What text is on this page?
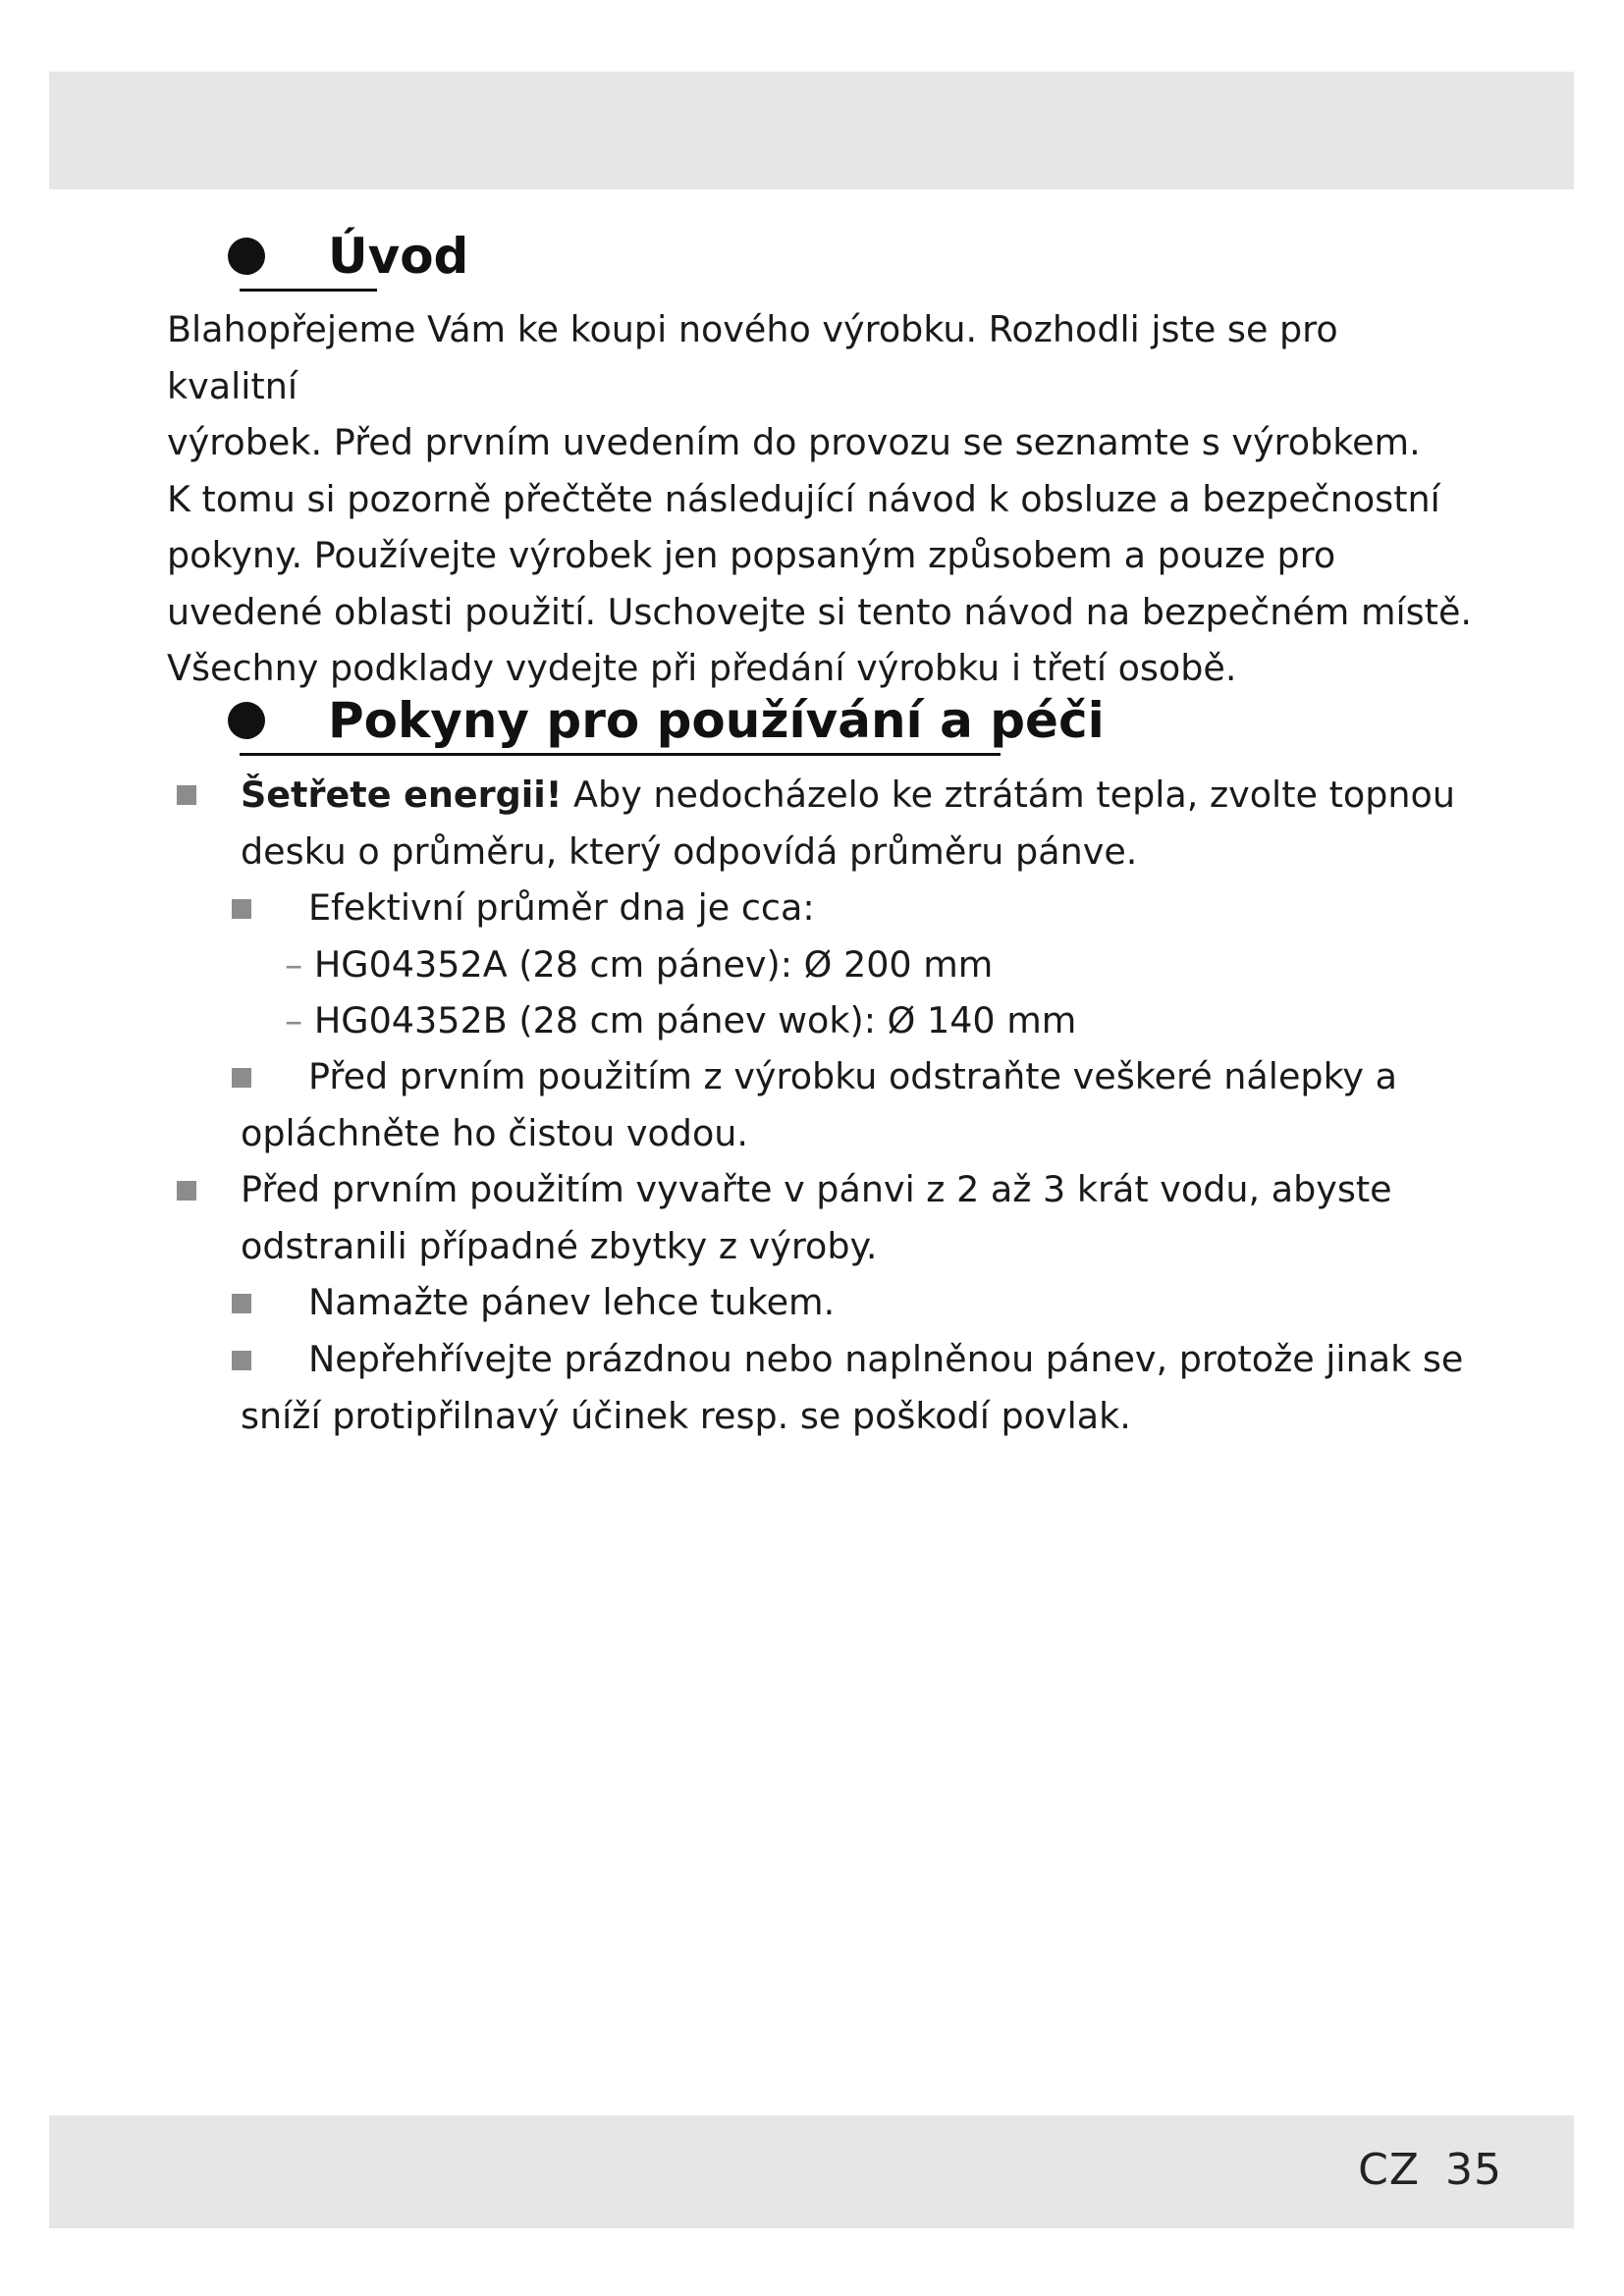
Úvod

Blahopřejeme Vám ke koupi nového výrobku. Rozhodli jste se pro kvalitní

výrobek. Před prvním uvedením do provozu se seznamte s výrobkem.

K tomu si pozorně přečtěte následující návod k obsluze a bezpečnostní

pokyny. Používejte výrobek jen popsaným způsobem a pouze pro

uvedené oblasti použití. Uschovejte si tento návod na bezpečném místě.

Všechny podklady vydejte při předání výrobku i třetí osobě.

Pokyny pro používání a péči
Šetřete energii! Aby nedocházelo ke ztrátám tepla, zvolte topnou
desku o průměru, který odpovídá průměru pánve.
Efektivní průměr dna je cca:
– HG04352A (28 cm pánev): Ø 200 mm
– HG04352B (28 cm pánev wok): Ø 140 mm
Před prvním použitím z výrobku odstraňte veškeré nálepky a
opláchněte ho čistou vodou.
Před prvním použitím vyvařte v pánvi z 2 až 3 krát vodu, abyste
odstranili případné zbytky z výroby.
Namažte pánev lehce tukem.
Nepřehřívejte prázdnou nebo naplněnou pánev, protože jinak se
sníží protipřilnavý účinek resp. se poškodí povlak.
CZ 35
